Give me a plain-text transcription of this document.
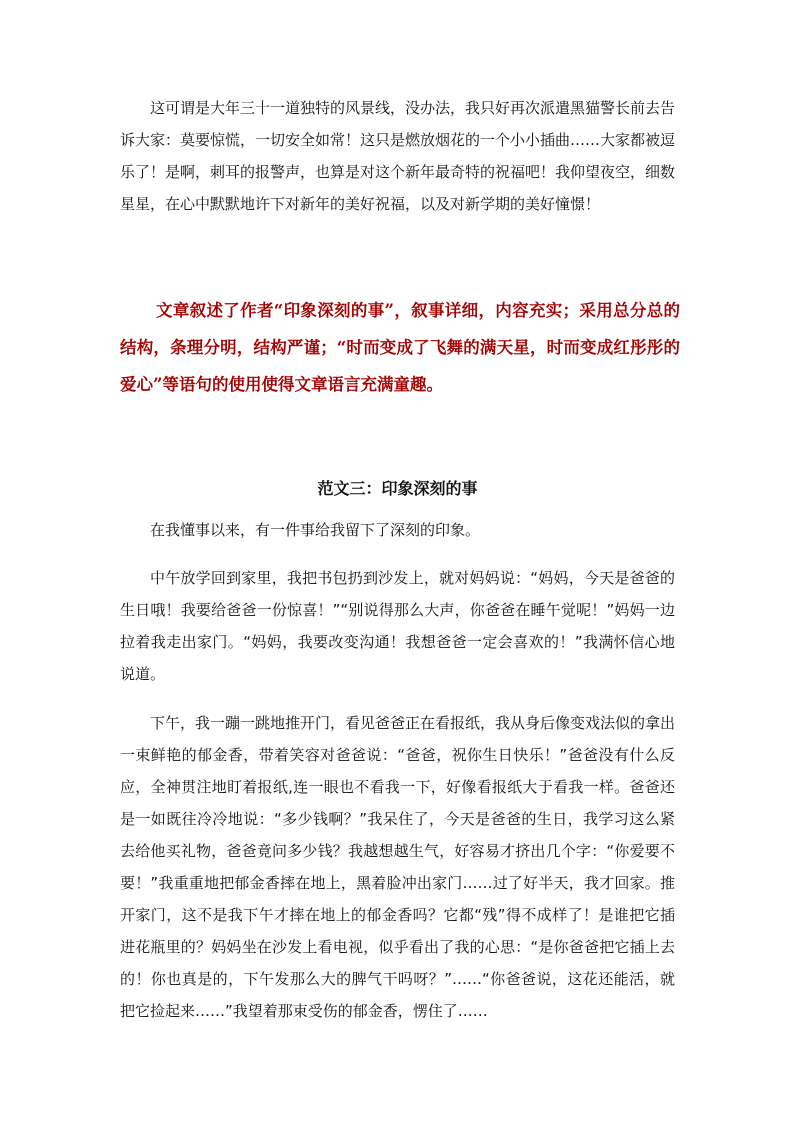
这可谓是大年三十一道独特的风景线，没办法，我只好再次派遣黑猫警长前去告诉大家：莫要惊慌，一切安全如常！这只是燃放烟花的一个小小插曲……大家都被逗乐了！是啊，刺耳的报警声，也算是对这个新年最奇特的祝福吧！我仰望夜空，细数星星，在心中默默地许下对新年的美好祝福，以及对新学期的美好憧憬！

文章叙述了作者“印象深刻的事”，叙事详细，内容充实；采用总分总的结构，条理分明，结构严谨；“时而变成了飞舞的满天星，时而变成红彤彤的爱心”等语句的使用使得文章语言充满童趣。

范文三：印象深刻的事

在我懂事以来，有一件事给我留下了深刻的印象。

中午放学回到家里，我把书包扔到沙发上，就对妈妈说：“妈妈，今天是爸爸的生日哦！我要给爸爸一份惊喜！”“别说得那么大声，你爸爸在睡午觉呢！”妈妈一边拉着我走出家门。“妈妈，我要改变沟通！我想爸爸一定会喜欢的！”我满怀信心地说道。

下午，我一蹦一跳地推开门，看见爸爸正在看报纸，我从身后像变戏法似的拿出一束鲜艳的郁金香，带着笑容对爸爸说：“爸爸，祝你生日快乐！”爸爸没有什么反应，全神贯注地盯着报纸,连一眼也不看我一下，好像看报纸大于看我一样。爸爸还是一如既往冷冷地说：“多少钱啊？”我呆住了，今天是爸爸的生日，我学习这么紧去给他买礼物，爸爸竟问多少钱？我越想越生气，好容易才挤出几个字：“你爱要不要！”我重重地把郁金香摔在地上，黑着脸冲出家门……过了好半天，我才回家。推开家门，这不是我下午才摔在地上的郁金香吗？它都“残”得不成样了！是谁把它插进花瓶里的？妈妈坐在沙发上看电视，似乎看出了我的心思：“是你爸爸把它插上去的！你也真是的，下午发那么大的脾气干吗呀？”……“你爸爸说，这花还能活，就把它捡起来……”我望着那束受伤的郁金香，愣住了……
